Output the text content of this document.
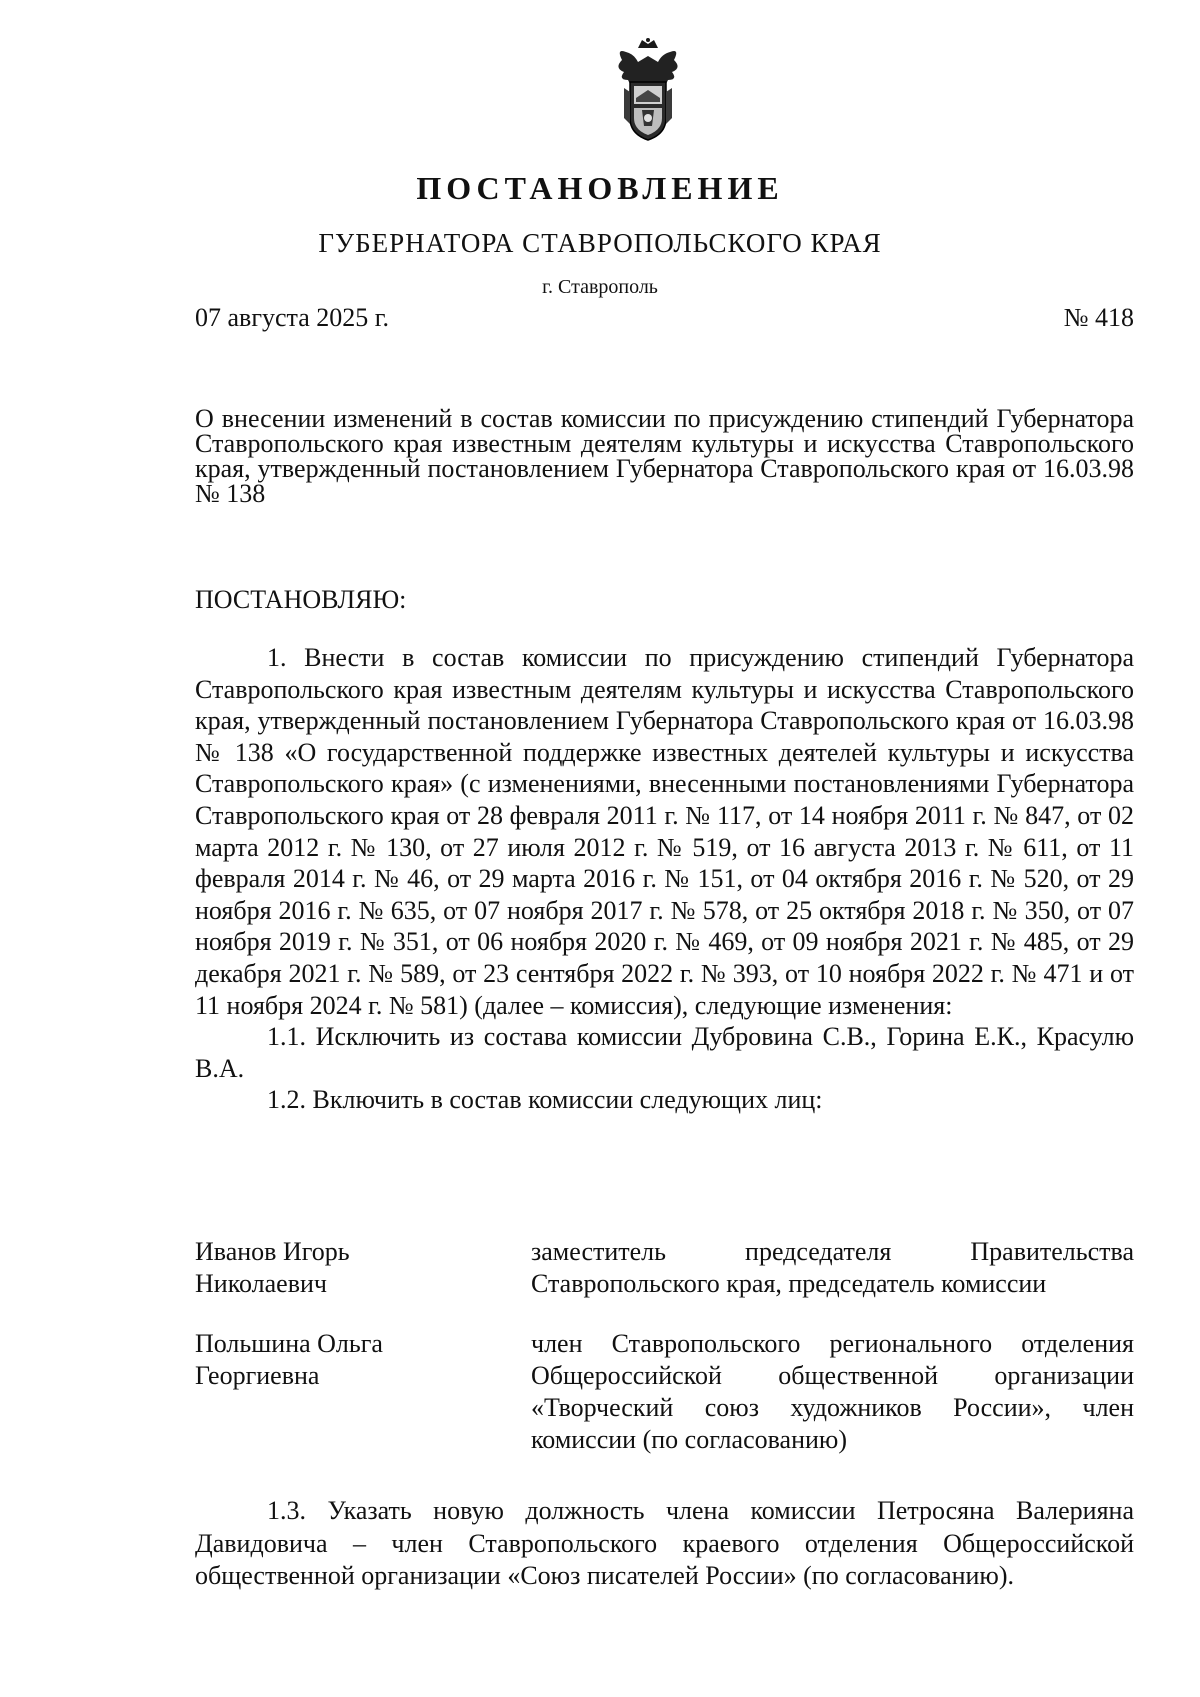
ПОСТАНОВЛЕНИЕ
ГУБЕРНАТОРА СТАВРОПОЛЬСКОГО КРАЯ
г. Ставрополь
07 августа 2025 г.	№ 418
О внесении изменений в состав комиссии по присуждению стипендий Губернатора Ставропольского края известным деятелям культуры и искусства Ставропольского края, утвержденный постановлением Губернатора Ставропольского края от 16.03.98 № 138
ПОСТАНОВЛЯЮ:

1. Внести в состав комиссии по присуждению стипендий Губернатора Ставропольского края известным деятелям культуры и искусства Ставропольского края, утвержденный постановлением Губернатора Ставропольского края от 16.03.98 № 138 «О государственной поддержке известных деятелей культуры и искусства Ставропольского края» (с изменениями, внесенными постановлениями Губернатора Ставропольского края от 28 февраля 2011 г. № 117, от 14 ноября 2011 г. № 847, от 02 марта 2012 г. № 130, от 27 июля 2012 г. № 519, от 16 августа 2013 г. № 611, от 11 февраля 2014 г. № 46, от 29 марта 2016 г. № 151, от 04 октября 2016 г. № 520, от 29 ноября 2016 г. № 635, от 07 ноября 2017 г. № 578, от 25 октября 2018 г. № 350, от 07 ноября 2019 г. № 351, от 06 ноября 2020 г. № 469, от 09 ноября 2021 г. № 485, от 29 декабря 2021 г. № 589, от 23 сентября 2022 г. № 393, от 10 ноября 2022 г. № 471 и от 11 ноября 2024 г. № 581) (далее – комиссия), следующие изменения:

1.1. Исключить из состава комиссии Дубровина С.В., Горина Е.К., Красулю В.А.

1.2. Включить в состав комиссии следующих лиц:

Иванов Игорь
Николаевич
заместитель председателя Правительства Ставропольского края, председатель комиссии
Польшина Ольга
Георгиевна
член Ставропольского регионального отделения Общероссийской общественной организации «Творческий союз художников России», член комиссии (по согласованию)

1.3. Указать новую должность члена комиссии Петросяна Валерияна Давидовича – член Ставропольского краевого отделения Общероссийской общественной организации «Союз писателей России» (по согласованию).
